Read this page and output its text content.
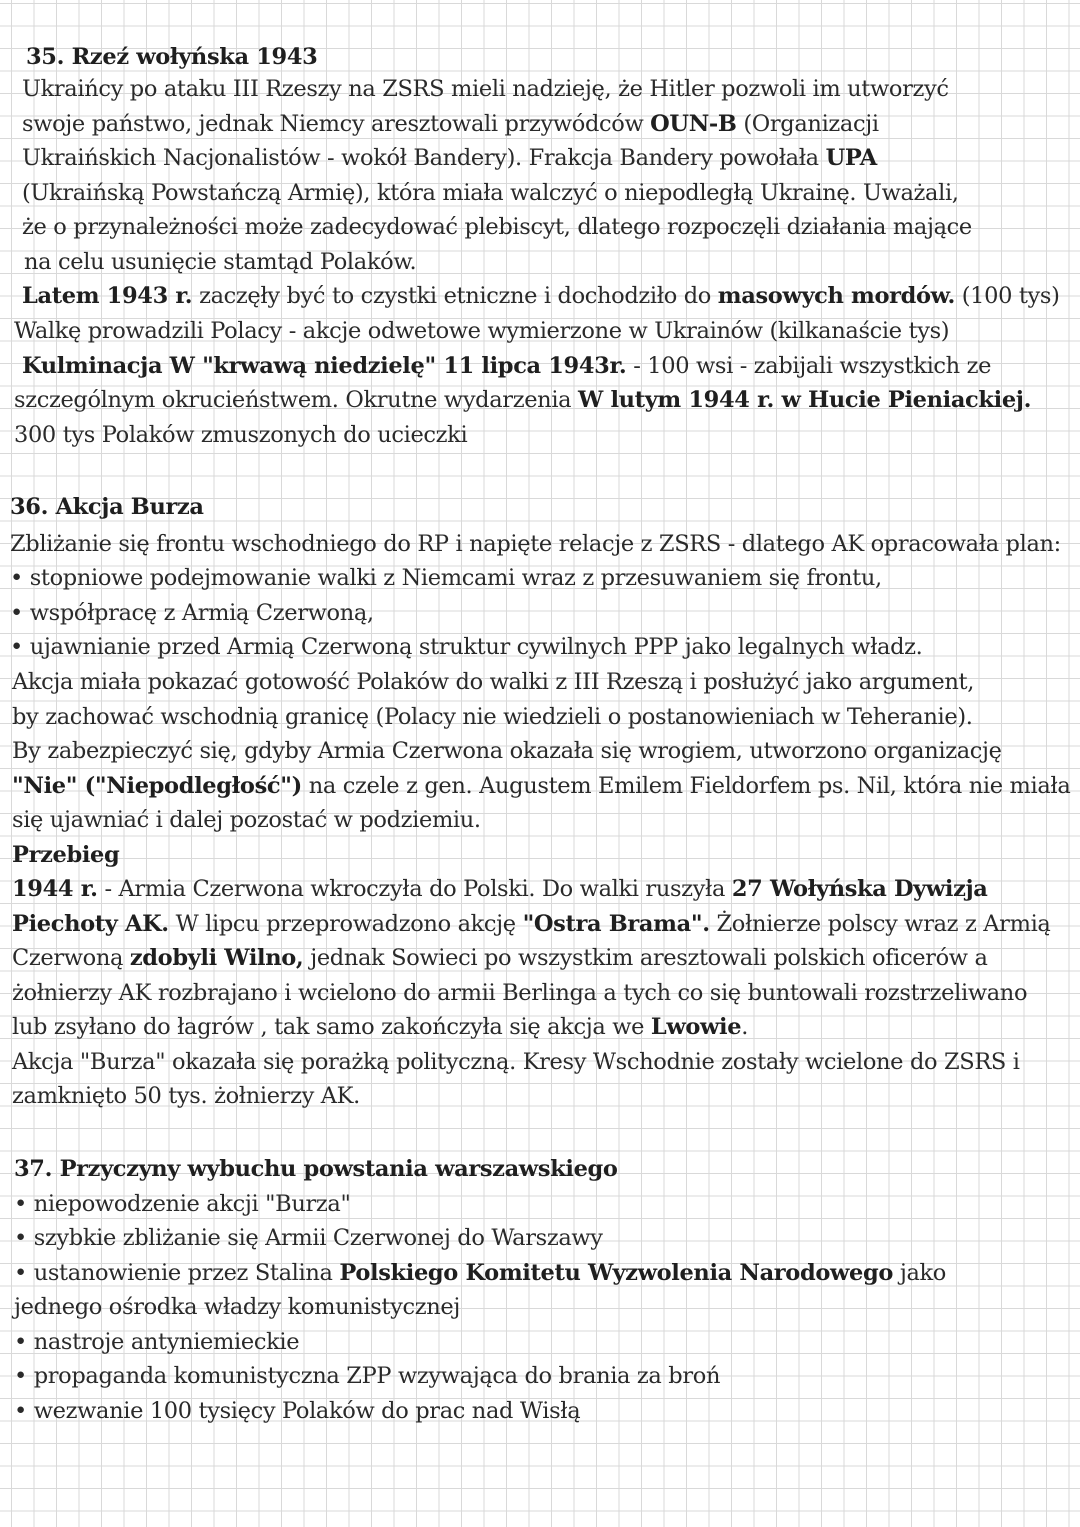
35. Rzeź wołyńska 1943
Ukraińcy po ataku III Rzeszy na ZSRS mieli nadzieję, że Hitler pozwoli im utworzyć
swoje państwo, jednak Niemcy aresztowali przywódców OUN-B (Organizacji
Ukraińskich Nacjonalistów - wokół Bandery). Frakcja Bandery powołała UPA
(Ukraińską Powstańczą Armię), która miała walczyć o niepodległą Ukrainę. Uważali,
że o przynależności może zadecydować plebiscyt, dlatego rozpoczęli działania mające
na celu usunięcie stamtąd Polaków.
Latem 1943 r. zaczęły być to czystki etniczne i dochodziło do masowych mordów. (100 tys)
Walkę prowadzili Polacy - akcje odwetowe wymierzone w Ukrainów (kilkanaście tys)
Kulminacja W "krwawą niedzielę" 11 lipca 1943r. - 100 wsi - zabijali wszystkich ze
szczególnym okrucieństwem. Okrutne wydarzenia W lutym 1944 r. w Hucie Pieniackiej.
300 tys Polaków zmuszonych do ucieczki
36. Akcja Burza
Zbliżanie się frontu wschodniego do RP i napięte relacje z ZSRS - dlatego AK opracowała plan:
• stopniowe podejmowanie walki z Niemcami wraz z przesuwaniem się frontu,
• współpracę z Armią Czerwoną,
• ujawnianie przed Armią Czerwoną struktur cywilnych PPP jako legalnych władz.
Akcja miała pokazać gotowość Polaków do walki z III Rzeszą i posłużyć jako argument,
by zachować wschodnią granicę (Polacy nie wiedzieli o postanowieniach w Teheranie).
By zabezpieczyć się, gdyby Armia Czerwona okazała się wrogiem, utworzono organizację
"Nie" ("Niepodległość") na czele z gen. Augustem Emilem Fieldorfem ps. Nil, która nie miała
się ujawniać i dalej pozostać w podziemiu.
Przebieg
1944 r. - Armia Czerwona wkroczyła do Polski. Do walki ruszyła 27 Wołyńska Dywizja
Piechoty AK. W lipcu przeprowadzono akcję "Ostra Brama". Żołnierze polscy wraz z Armią
Czerwoną zdobyli Wilno, jednak Sowieci po wszystkim aresztowali polskich oficerów a
żołnierzy AK rozbrajano i wcielono do armii Berlinga a tych co się buntowali rozstrzeliwano
lub zsyłano do łagrów , tak samo zakończyła się akcja we Lwowie.
Akcja "Burza" okazała się porażką polityczną. Kresy Wschodnie zostały wcielone do ZSRS i
zamknięto 50 tys. żołnierzy AK.
37. Przyczyny wybuchu powstania warszawskiego
• niepowodzenie akcji "Burza"
• szybkie zbliżanie się Armii Czerwonej do Warszawy
• ustanowienie przez Stalina Polskiego Komitetu Wyzwolenia Narodowego jako
jednego ośrodka władzy komunistycznej
• nastroje antyniemieckie
• propaganda komunistyczna ZPP wzywająca do brania za broń
• wezwanie 100 tysięcy Polaków do prac nad Wisłą
